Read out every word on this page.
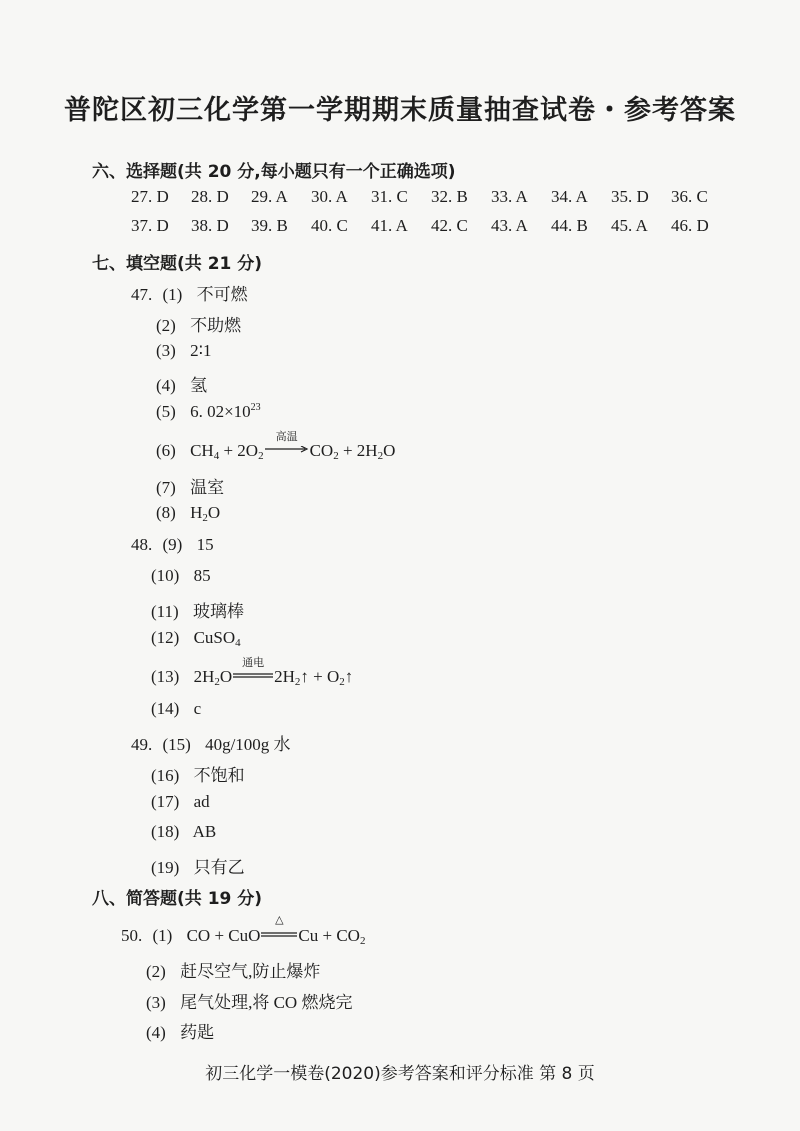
普陀区初三化学第一学期期末质量抽查试卷・参考答案
六、选择题(共 20 分,每小题只有一个正确选项)
27. D	28. D	29. A	30. A	31. C	32. B	33. A	34. A	35. D	36. C
37. D	38. D	39. B	40. C	41. A	42. C	43. A	44. B	45. A	46. D
七、填空题(共 21 分)
47. (1) 不可燃
(2) 不助燃
(3) 2∶1
(4) 氢
(5) 6. $02\times 10^{23}$
(6) $CH_4 + 2O_2$
高温
$CO_2 + 2H_2O$
(7) 温室
(8) $H_2O$
48. (9) 15
(10) 85
(11) 玻璃棒
(12) CuSO$_4$
(13) $2H_2O$
通电
$2H_2↑$ + $O_2↑$
(14) c
49. (15) 40g/100g 水
(16) 不饱和
(17) ad
(18) AB
(19) 只有乙
八、简答题(共 19 分)
50. (1) CO + CuO
△
$Cu + CO_2$
(2) 赶尽空气,防止爆炸
(3) 尾气处理,将 CO 燃烧完
(4) 药匙
初三化学一模卷(2020)参考答案和评分标准 第 8 页
